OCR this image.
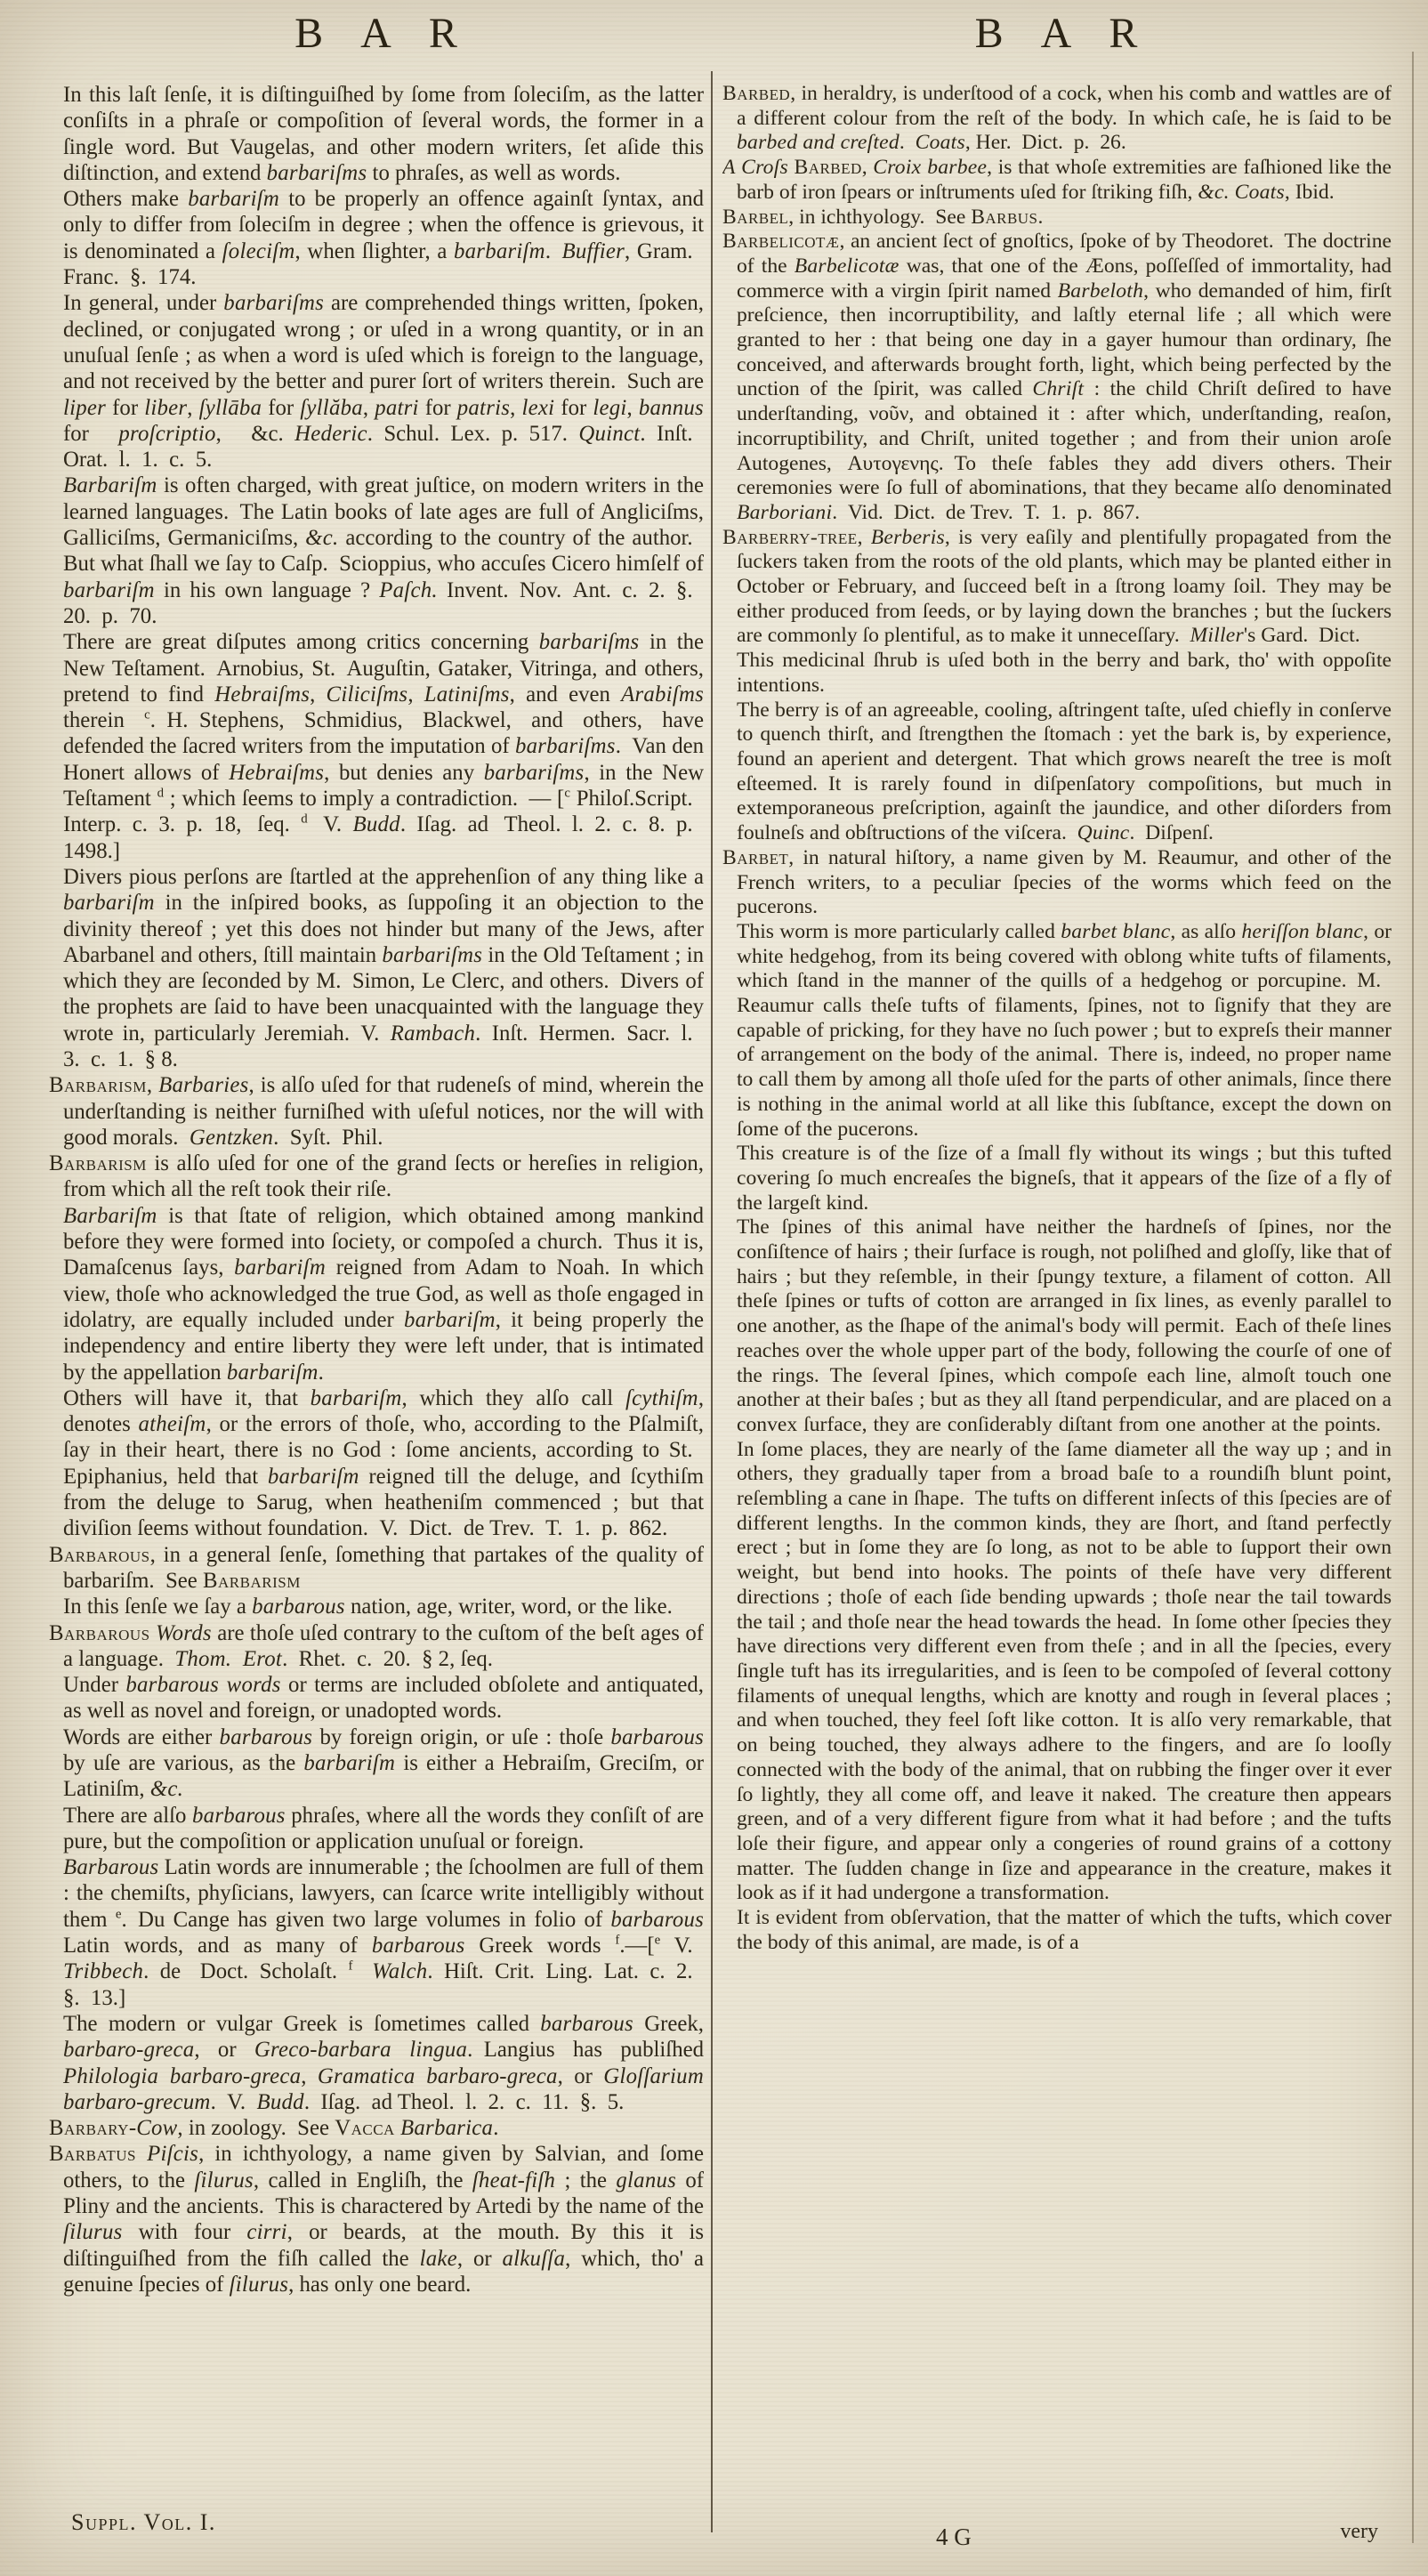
B A R	B A R

In this laſt ſenſe, it is diſtinguiſhed by ſome from ſoleciſm, as the latter conſiſts in a phraſe or compoſition of ſeveral words, the former in a ſingle word. But Vaugelas, and other modern writers, ſet aſide this diſtinction, and extend barbariſms to phraſes, as well as words.

Others make barbariſm to be properly an offence againſt ſyntax, and only to differ from ſoleciſm in degree ; when the offence is grievous, it is denominated a ſoleciſm, when ſlighter, a barbariſm. Buffier, Gram. Franc. §. 174.

In general, under barbariſms are comprehended things written, ſpoken, declined, or conjugated wrong ; or uſed in a wrong quantity, or in an unuſual ſenſe ; as when a word is uſed which is foreign to the language, and not received by the better and purer ſort of writers therein. Such are liper for liber, ſyllāba for ſyllăba, patri for patris, lexi for legi, bannus for proſcriptio, &c. Hederic. Schul. Lex. p. 517. Quinct. Inſt. Orat. l. 1. c. 5.

Barbariſm is often charged, with great juſtice, on modern writers in the learned languages. The Latin books of late ages are full of Angliciſms, Galliciſms, Germaniciſms, &c. according to the country of the author. But what ſhall we ſay to Caſp. Scioppius, who accuſes Cicero himſelf of barbariſm in his own language ? Paſch. Invent. Nov. Ant. c. 2. §. 20. p. 70.

There are great diſputes among critics concerning barbariſms in the New Teſtament. Arnobius, St. Auguſtin, Gataker, Vitringa, and others, pretend to find Hebraiſms, Ciliciſms, Latiniſms, and even Arabiſms therein $^c$. H. Stephens, Schmidius, Blackwel, and others, have defended the ſacred writers from the imputation of barbariſms. Van den Honert allows of Hebraiſms, but denies any barbariſms, in the New Teſtament $^d$ ; which ſeems to imply a contradiction. — [$^c$ Philoſ.Script. Interp. c. 3. p. 18, ſeq. $^d$ V. Budd. Iſag. ad Theol. l. 2. c. 8. p. 1498.]

Divers pious perſons are ſtartled at the apprehenſion of any thing like a barbariſm in the inſpired books, as ſuppoſing it an objection to the divinity thereof ; yet this does not hinder but many of the Jews, after Abarbanel and others, ſtill maintain barbariſms in the Old Teſtament ; in which they are ſeconded by M. Simon, Le Clerc, and others. Divers of the prophets are ſaid to have been unacquainted with the language they wrote in, particularly Jeremiah. V. Rambach. Inſt. Hermen. Sacr. l. 3. c. 1. § 8.

Barbarism, Barbaries, is alſo uſed for that rudeneſs of mind, wherein the underſtanding is neither furniſhed with uſeful notices, nor the will with good morals. Gentzken. Syſt. Phil.

Barbarism is alſo uſed for one of the grand ſects or hereſies in religion, from which all the reſt took their riſe.

Barbariſm is that ſtate of religion, which obtained among mankind before they were formed into ſociety, or compoſed a church. Thus it is, Damaſcenus ſays, barbariſm reigned from Adam to Noah. In which view, thoſe who acknowledged the true God, as well as thoſe engaged in idolatry, are equally included under barbariſm, it being properly the independency and entire liberty they were left under, that is intimated by the appellation barbariſm.

Others will have it, that barbariſm, which they alſo call ſcythiſm, denotes atheiſm, or the errors of thoſe, who, according to the Pſalmiſt, ſay in their heart, there is no God : ſome ancients, according to St. Epiphanius, held that barbariſm reigned till the deluge, and ſcythiſm from the deluge to Sarug, when heatheniſm commenced ; but that diviſion ſeems without foundation. V. Dict. de Trev. T. 1. p. 862.

Barbarous, in a general ſenſe, ſomething that partakes of the quality of barbariſm. See Barbarism

In this ſenſe we ſay a barbarous nation, age, writer, word, or the like.

Barbarous Words are thoſe uſed contrary to the cuſtom of the beſt ages of a language. Thom. Erot. Rhet. c. 20. § 2, ſeq.

Under barbarous words or terms are included obſolete and antiquated, as well as novel and foreign, or unadopted words.

Words are either barbarous by foreign origin, or uſe : thoſe barbarous by uſe are various, as the barbariſm is either a Hebraiſm, Greciſm, or Latiniſm, &c.

There are alſo barbarous phraſes, where all the words they conſiſt of are pure, but the compoſition or application unuſual or foreign.

Barbarous Latin words are innumerable ; the ſchoolmen are full of them : the chemiſts, phyſicians, lawyers, can ſcarce write intelligibly without them $^e$. Du Cange has given two large volumes in folio of barbarous Latin words, and as many of barbarous Greek words $^f$.—[$^e$ V. Tribbech. de Doct. Scholaſt. $^f$ Walch. Hiſt. Crit. Ling. Lat. c. 2. §. 13.]

The modern or vulgar Greek is ſometimes called barbarous Greek, barbaro-greca, or Greco-barbara lingua. Langius has publiſhed Philologia barbaro-greca, Gramatica barbaro-greca, or Gloſſarium barbaro-grecum. V. Budd. Iſag. ad Theol. l. 2. c. 11. §. 5.

Barbary-Cow, in zoology. See Vacca Barbarica.

Barbatus Piſcis, in ichthyology, a name given by Salvian, and ſome others, to the ſilurus, called in Engliſh, the ſheat-fiſh ; the glanus of Pliny and the ancients. This is charactered by Artedi by the name of the ſilurus with four cirri, or beards, at the mouth. By this it is diſtinguiſhed from the fiſh called the lake, or alkuſſa, which, tho' a genuine ſpecies of ſilurus, has only one beard.

Barbed, in heraldry, is underſtood of a cock, when his comb and wattles are of a different colour from the reſt of the body. In which caſe, he is ſaid to be barbed and creſted. Coats, Her. Dict. p. 26.

A Croſs Barbed, Croix barbee, is that whoſe extremities are faſhioned like the barb of iron ſpears or inſtruments uſed for ſtriking fiſh, &c. Coats, Ibid.

Barbel, in ichthyology. See Barbus.

Barbelicotæ, an ancient ſect of gnoſtics, ſpoke of by Theodoret. The doctrine of the Barbelicotæ was, that one of the Æons, poſſeſſed of immortality, had commerce with a virgin ſpirit named Barbeloth, who demanded of him, firſt preſcience, then incorruptibility, and laſtly eternal life ; all which were granted to her : that being one day in a gayer humour than ordinary, ſhe conceived, and afterwards brought forth, light, which being perfected by the unction of the ſpirit, was called Chriſt : the child Chriſt deſired to have underſtanding, νοῦν, and obtained it : after which, underſtanding, reaſon, incorruptibility, and Chriſt, united together ; and from their union aroſe Autogenes, Αυτογενης. To theſe fables they add divers others. Their ceremonies were ſo full of abominations, that they became alſo denominated Barboriani. Vid. Dict. de Trev. T. 1. p. 867.

Barberry-tree, Berberis, is very eaſily and plentifully propagated from the ſuckers taken from the roots of the old plants, which may be planted either in October or February, and ſucceed beſt in a ſtrong loamy ſoil. They may be either produced from ſeeds, or by laying down the branches ; but the ſuckers are commonly ſo plentiful, as to make it unneceſſary. Miller's Gard. Dict.

This medicinal ſhrub is uſed both in the berry and bark, tho' with oppoſite intentions.

The berry is of an agreeable, cooling, aſtringent taſte, uſed chiefly in conſerve to quench thirſt, and ſtrengthen the ſtomach : yet the bark is, by experience, found an aperient and detergent. That which grows neareſt the tree is moſt eſteemed. It is rarely found in diſpenſatory compoſitions, but much in extemporaneous preſcription, againſt the jaundice, and other diſorders from foulneſs and obſtructions of the viſcera. Quinc. Diſpenſ.

Barbet, in natural hiſtory, a name given by M. Reaumur, and other of the French writers, to a peculiar ſpecies of the worms which feed on the pucerons.

This worm is more particularly called barbet blanc, as alſo heriſſon blanc, or white hedgehog, from its being covered with oblong white tufts of filaments, which ſtand in the manner of the quills of a hedgehog or porcupine. M. Reaumur calls theſe tufts of filaments, ſpines, not to ſignify that they are capable of pricking, for they have no ſuch power ; but to expreſs their manner of arrangement on the body of the animal. There is, indeed, no proper name to call them by among all thoſe uſed for the parts of other animals, ſince there is nothing in the animal world at all like this ſubſtance, except the down on ſome of the pucerons.

This creature is of the ſize of a ſmall fly without its wings ; but this tufted covering ſo much encreaſes the bigneſs, that it appears of the ſize of a fly of the largeſt kind.

The ſpines of this animal have neither the hardneſs of ſpines, nor the conſiſtence of hairs ; their ſurface is rough, not poliſhed and gloſſy, like that of hairs ; but they reſemble, in their ſpungy texture, a filament of cotton. All theſe ſpines or tufts of cotton are arranged in ſix lines, as evenly parallel to one another, as the ſhape of the animal's body will permit. Each of theſe lines reaches over the whole upper part of the body, following the courſe of one of the rings. The ſeveral ſpines, which compoſe each line, almoſt touch one another at their baſes ; but as they all ſtand perpendicular, and are placed on a convex ſurface, they are conſiderably diſtant from one another at the points. In ſome places, they are nearly of the ſame diameter all the way up ; and in others, they gradually taper from a broad baſe to a roundiſh blunt point, reſembling a cane in ſhape. The tufts on different inſects of this ſpecies are of different lengths. In the common kinds, they are ſhort, and ſtand perfectly erect ; but in ſome they are ſo long, as not to be able to ſupport their own weight, but bend into hooks. The points of theſe have very different directions ; thoſe of each ſide bending upwards ; thoſe near the tail towards the tail ; and thoſe near the head towards the head. In ſome other ſpecies they have directions very different even from theſe ; and in all the ſpecies, every ſingle tuft has its irregularities, and is ſeen to be compoſed of ſeveral cottony filaments of unequal lengths, which are knotty and rough in ſeveral places ; and when touched, they feel ſoft like cotton. It is alſo very remarkable, that on being touched, they always adhere to the fingers, and are ſo looſly connected with the body of the animal, that on rubbing the finger over it ever ſo lightly, they all come off, and leave it naked. The creature then appears green, and of a very different figure from what it had before ; and the tufts loſe their figure, and appear only a congeries of round grains of a cottony matter. The ſudden change in ſize and appearance in the creature, makes it look as if it had undergone a transformation.

It is evident from obſervation, that the matter of which the tufts, which cover the body of this animal, are made, is of a

Suppl. Vol. I.
4 G	very
